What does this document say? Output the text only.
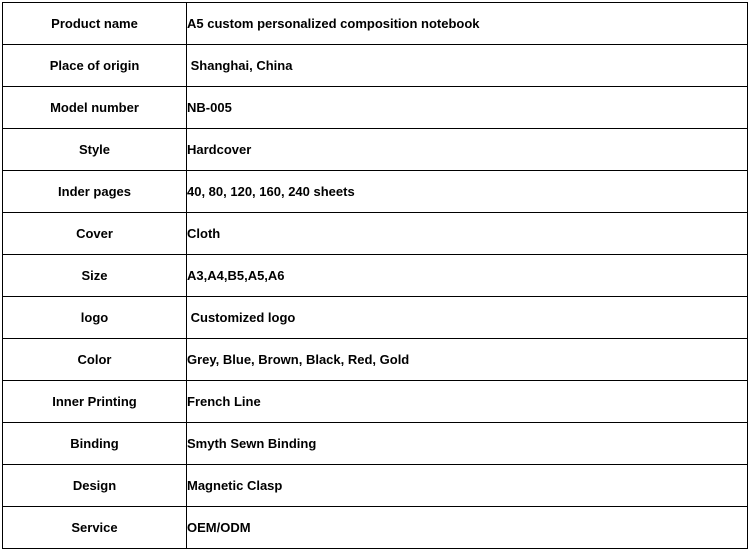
Product name	A5 custom personalized composition notebook
Place of origin	Shanghai, China
Model number	NB-005
Style	Hardcover
Inder pages	40, 80, 120, 160, 240 sheets
Cover	Cloth
Size	A3,A4,B5,A5,A6
logo	Customized logo
Color	Grey, Blue, Brown, Black, Red, Gold
Inner Printing	French Line
Binding	Smyth Sewn Binding
Design	Magnetic Clasp
Service	OEM/ODM
